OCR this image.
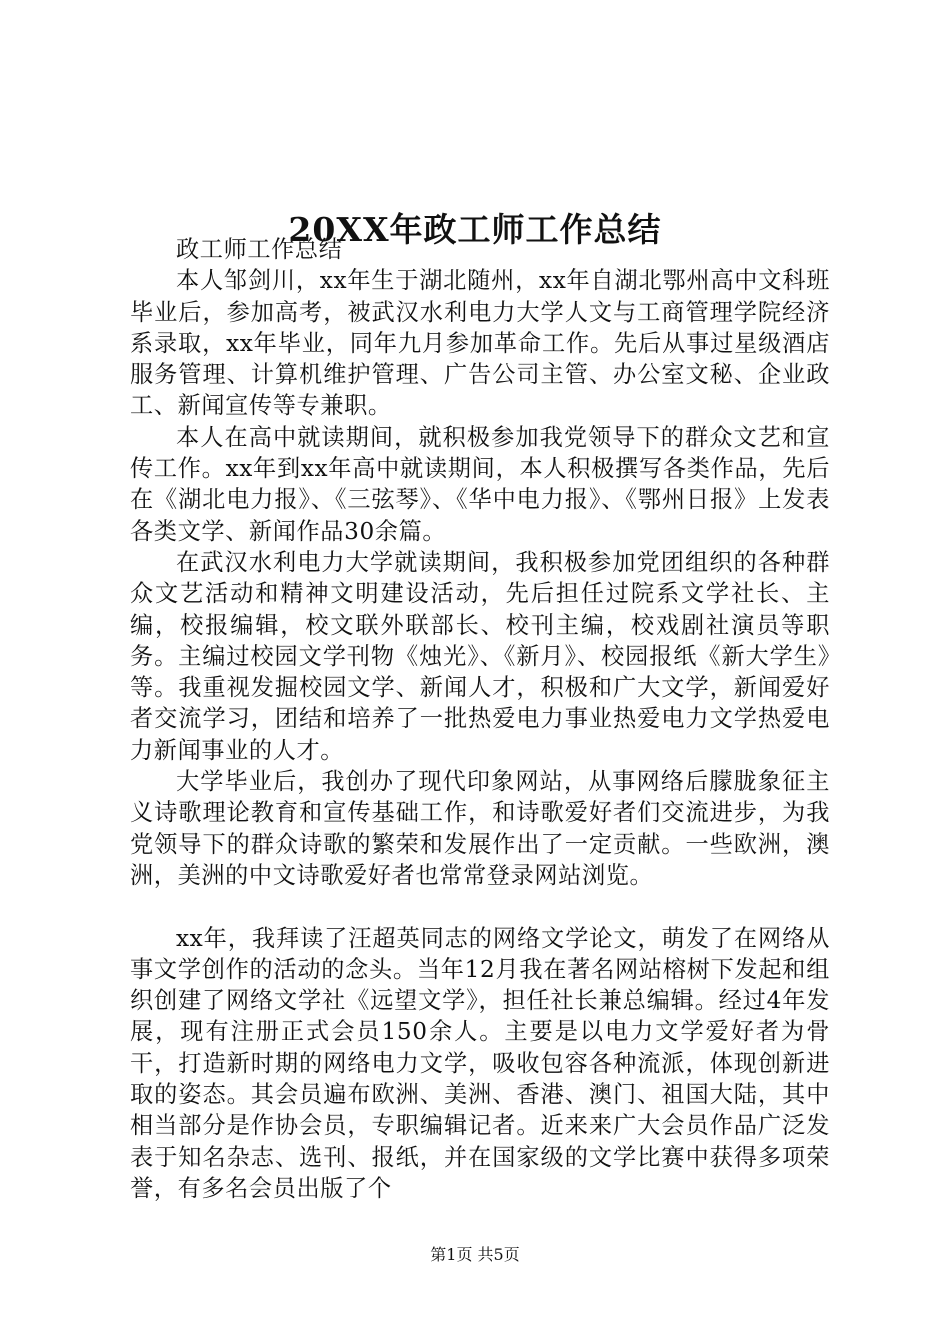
20XX年政工师工作总结

政工师工作总结

本人邹剑川，xx年生于湖北随州，xx年自湖北鄂州高中文科班毕业后，参加高考，被武汉水利电力大学人文与工商管理学院经济系录取，xx年毕业，同年九月参加革命工作。先后从事过星级酒店服务管理、计算机维护管理、广告公司主管、办公室文秘、企业政工、新闻宣传等专兼职。

本人在高中就读期间，就积极参加我党领导下的群众文艺和宣传工作。xx年到xx年高中就读期间，本人积极撰写各类作品，先后在《湖北电力报》、《三弦琴》、《华中电力报》、《鄂州日报》上发表各类文学、新闻作品30余篇。

在武汉水利电力大学就读期间，我积极参加党团组织的各种群众文艺活动和精神文明建设活动，先后担任过院系文学社长、主编，校报编辑，校文联外联部长、校刊主编，校戏剧社演员等职务。主编过校园文学刊物《烛光》、《新月》、校园报纸《新大学生》等。我重视发掘校园文学、新闻人才，积极和广大文学，新闻爱好者交流学习，团结和培养了一批热爱电力事业热爱电力文学热爱电力新闻事业的人才。

大学毕业后，我创办了现代印象网站，从事网络后朦胧象征主义诗歌理论教育和宣传基础工作，和诗歌爱好者们交流进步，为我党领导下的群众诗歌的繁荣和发展作出了一定贡献。一些欧洲，澳洲，美洲的中文诗歌爱好者也常常登录网站浏览。

xx年，我拜读了汪超英同志的网络文学论文，萌发了在网络从事文学创作的活动的念头。当年12月我在著名网站榕树下发起和组织创建了网络文学社《远望文学》，担任社长兼总编辑。经过4年发展，现有注册正式会员150余人。主要是以电力文学爱好者为骨干，打造新时期的网络电力文学，吸收包容各种流派，体现创新进取的姿态。其会员遍布欧洲、美洲、香港、澳门、祖国大陆，其中相当部分是作协会员，专职编辑记者。近来来广大会员作品广泛发表于知名杂志、选刊、报纸，并在国家级的文学比赛中获得多项荣誉，有多名会员出版了个

第1页 共5页
